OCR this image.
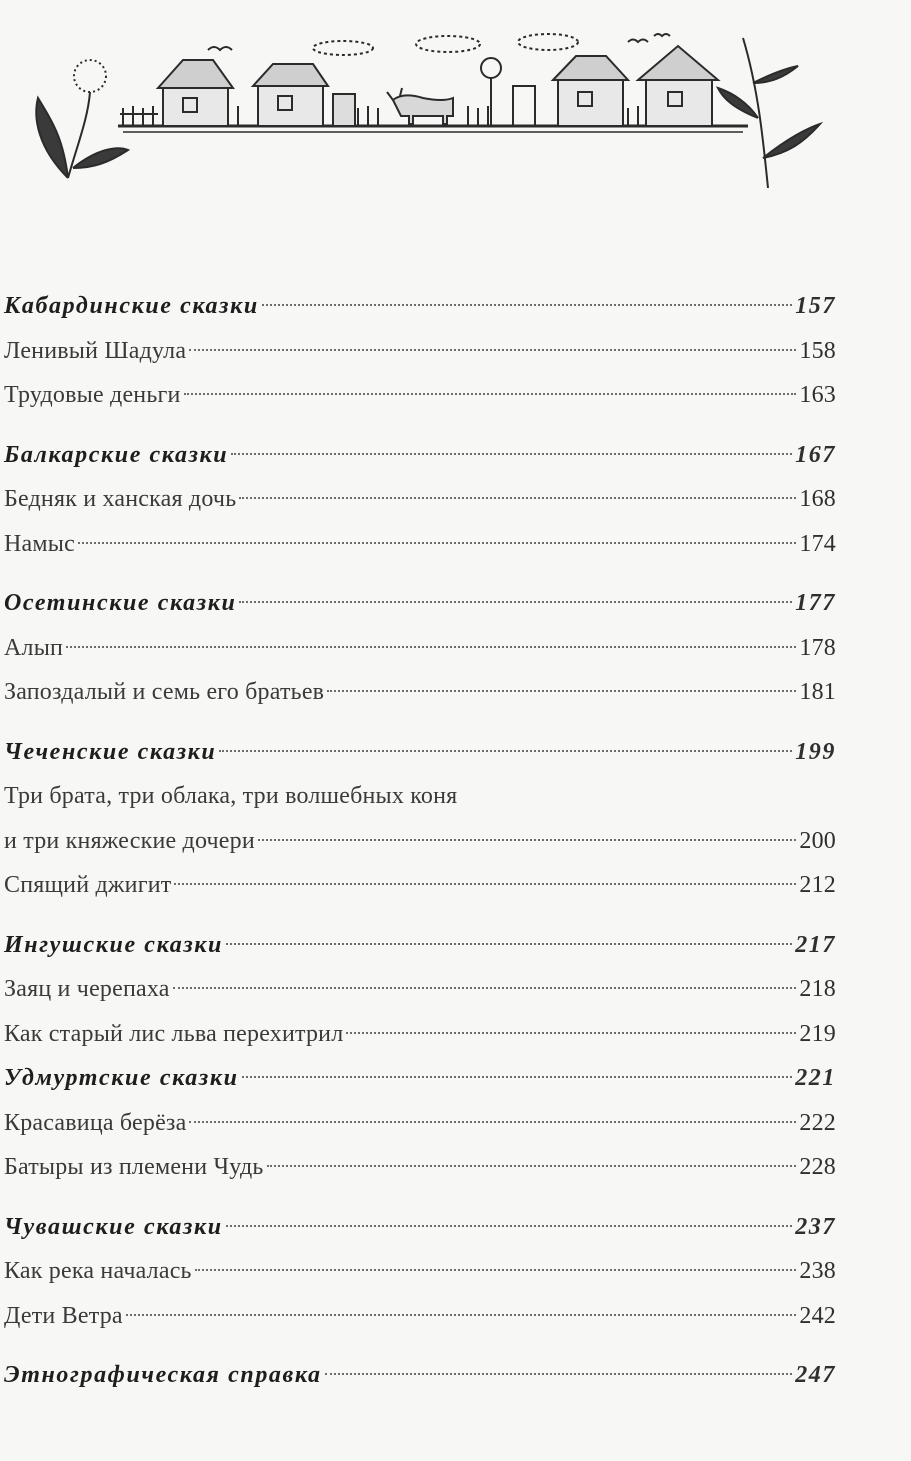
Кабардинские сказки	157
Ленивый Шадула	158
Трудовые деньги	163
Балкарские сказки	167
Бедняк и ханская дочь	168
Намыс	174
Осетинские сказки	177
Алып	178
Запоздалый и семь его братьев	181
Чеченские сказки	199
Три брата, три облака, три волшебных коня
и три княжеские дочери	200
Спящий джигит	212
Ингушские сказки	217
Заяц и черепаха	218
Как старый лис льва перехитрил	219
Удмуртские сказки	221
Красавица берёза	222
Батыры из племени Чудь	228
Чувашские сказки	237
Как река началась	238
Дети Ветра	242
Этнографическая справка	247
